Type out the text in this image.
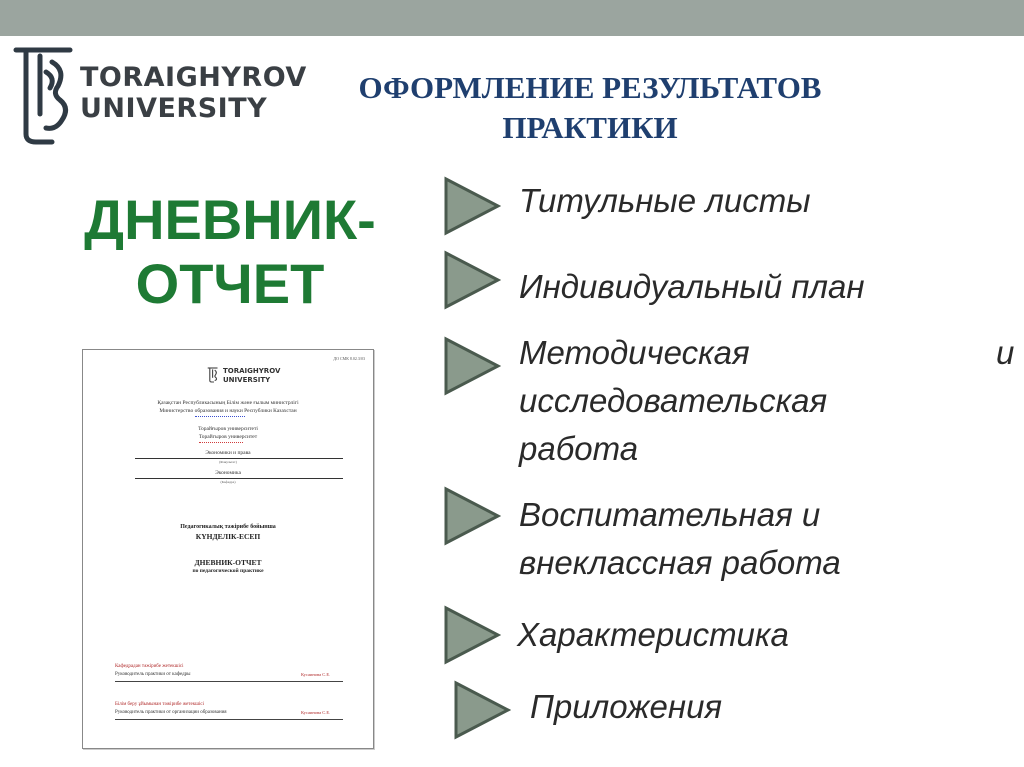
TORAIGHYROV
UNIVERSITY
ОФОРМЛЕНИЕ РЕЗУЛЬТАТОВ
ПРАКТИКИ
ДНЕВНИК-
ОТЧЕТ
ДО СМК 8.02.3/03
TORAIGHYROV
UNIVERSITY
Қазақстан Республикасының Білім және ғылым министрлігі
Министерство образования и науки Республики Казахстан
Торайғыров университеті
Торайгыров университет
Экономики и права
(Факультет)
Экономика
(Кафедра)
Педагогикалық тәжірибе бойынша
КҮНДЕЛІК-ЕСЕП
ДНЕВНИК-ОТЧЕТ
по педагогической практике
Кафедрадан тәжірибе жетекшісі
Руководитель практики от кафедры	Кусаинова С.Е.
Білім беру ұйымынан тәжірибе жетекшісі
Руководитель практики от организации образования	Кусаинова С.Е.
Титульные листы
Индивидуальный план
Методическая	и
исследовательская
работа
Воспитательная и
внеклассная работа
Характеристика
Приложения
